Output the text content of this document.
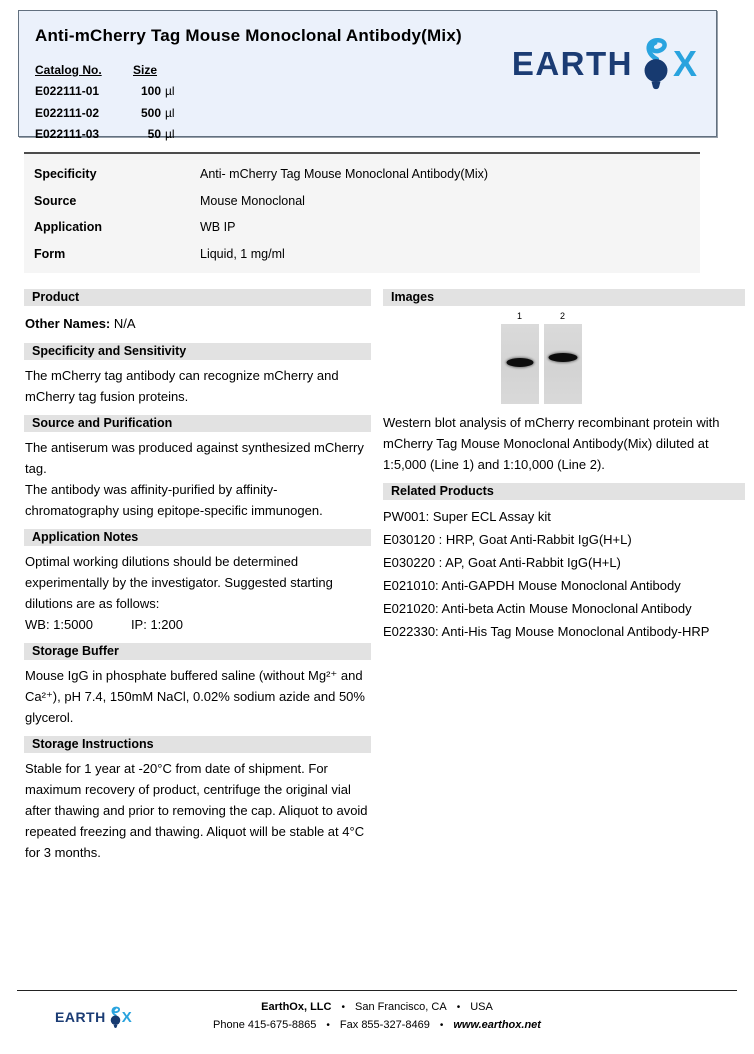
Anti-mCherry Tag Mouse Monoclonal Antibody(Mix)
Catalog No.	Size
E022111-01	100 µl
E022111-02	500 µl
E022111-03	50 µl
EARTH X
Specificity	Anti- mCherry Tag Mouse Monoclonal Antibody(Mix)
Source	Mouse Monoclonal
Application	WB IP
Form	Liquid, 1 mg/ml
Product

Other Names: N/A

Specificity and Sensitivity

The mCherry tag antibody can recognize mCherry and mCherry tag fusion proteins.

Source and Purification

The antiserum was produced against synthesized mCherry tag.

The antibody was affinity-purified by affinity-chromatography using epitope-specific immunogen.

Application Notes

Optimal working dilutions should be determined experimentally by the investigator. Suggested starting dilutions are as follows:

WB: 1:5000	IP: 1:200

Storage Buffer

Mouse IgG in phosphate buffered saline (without Mg²⁺ and Ca²⁺), pH 7.4, 150mM NaCl, 0.02% sodium azide and 50% glycerol.

Storage Instructions

Stable for 1 year at -20°C from date of shipment. For maximum recovery of product, centrifuge the original vial after thawing and prior to removing the cap. Aliquot to avoid repeated freezing and thawing. Aliquot will be stable at 4°C for 3 months.

Images
1	2

Western blot analysis of mCherry recombinant protein with mCherry Tag Mouse Monoclonal Antibody(Mix) diluted at 1:5,000 (Line 1) and 1:10,000 (Line 2).

Related Products

PW001: Super ECL Assay kit

E030120 : HRP, Goat Anti-Rabbit IgG(H+L)

E030220 : AP, Goat Anti-Rabbit IgG(H+L)

E021010: Anti-GAPDH Mouse Monoclonal Antibody

E021020: Anti-beta Actin Mouse Monoclonal Antibody

E022330: Anti-His Tag Mouse Monoclonal Antibody-HRP

EARTH X
EarthOx, LLC • San Francisco, CA • USA
Phone 415-675-8865 • Fax 855-327-8469 • www.earthox.net
